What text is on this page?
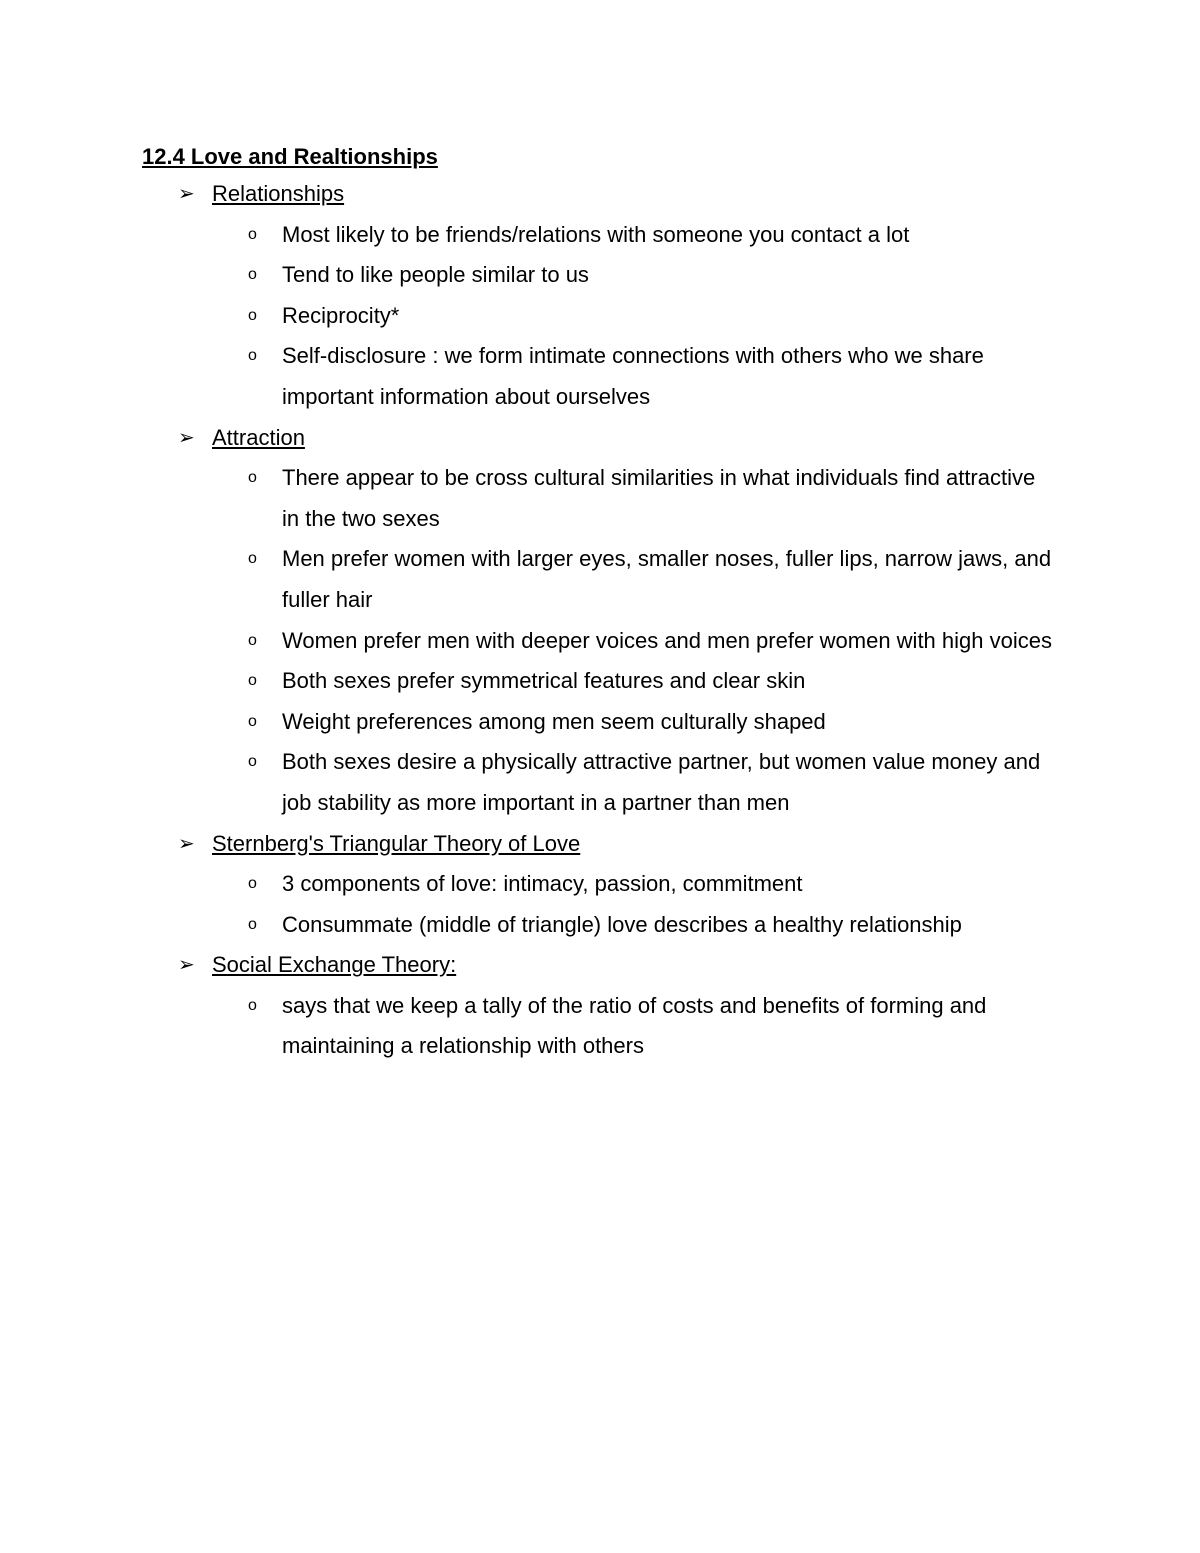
12.4 Love and Realtionships
➢ Relationships
o	Most likely to be friends/relations with someone you contact a lot
o	Tend to like people similar to us
o	Reciprocity*
o	Self-disclosure : we form intimate connections with others who we share important information about ourselves
➢ Attraction
o	There appear to be cross cultural similarities in what individuals find attractive in the two sexes
o	Men prefer women with larger eyes, smaller noses, fuller lips, narrow jaws, and fuller hair
o	Women prefer men with deeper voices and men prefer women with high voices
o	Both sexes prefer symmetrical features and clear skin
o	Weight preferences among men seem culturally shaped
o	Both sexes desire a physically attractive partner, but women value money and job stability as more important in a partner than men
➢ Sternberg's Triangular Theory of Love
o	3 components of love: intimacy, passion, commitment
o	Consummate (middle of triangle) love describes a healthy relationship
➢ Social Exchange Theory:
o	says that we keep a tally of the ratio of costs and benefits of forming and maintaining a relationship with others
